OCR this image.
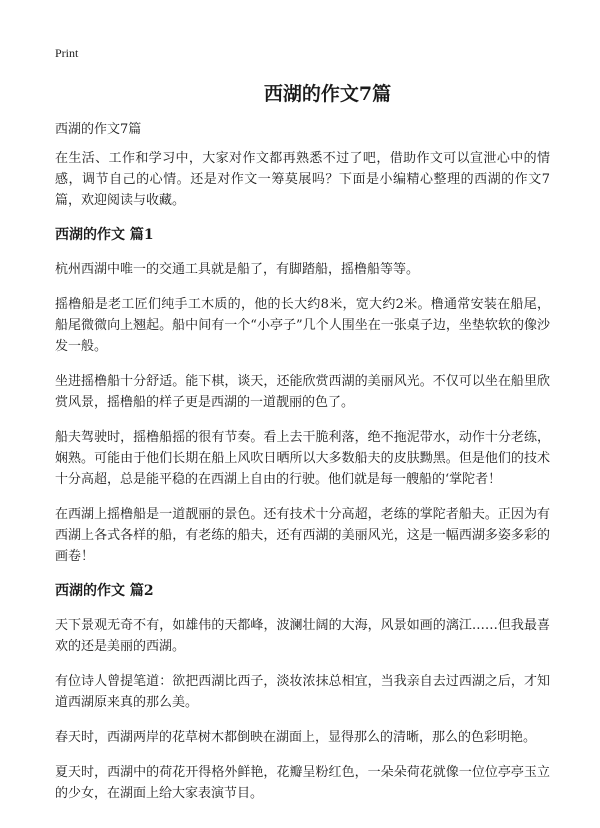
Print
西湖的作文7篇
西湖的作文7篇

在生活、工作和学习中，大家对作文都再熟悉不过了吧，借助作文可以宣泄心中的情感，调节自己的心情。还是对作文一筹莫展吗？下面是小编精心整理的西湖的作文7篇，欢迎阅读与收藏。

西湖的作文 篇1

杭州西湖中唯一的交通工具就是船了，有脚踏船，摇橹船等等。

摇橹船是老工匠们纯手工木质的，他的长大约8米，宽大约2米。橹通常安装在船尾，船尾微微向上翘起。船中间有一个“小亭子”几个人围坐在一张桌子边，坐垫软软的像沙发一般。

坐进摇橹船十分舒适。能下棋，谈天，还能欣赏西湖的美丽风光。不仅可以坐在船里欣赏风景，摇橹船的样子更是西湖的一道靓丽的色了。

船夫驾驶时，摇橹船摇的很有节奏。看上去干脆利落，绝不拖泥带水，动作十分老练，娴熟。可能由于他们长期在船上风吹日晒所以大多数船夫的皮肤黝黑。但是他们的技术十分高超，总是能平稳的在西湖上自由的行驶。他们就是每一艘船的‘掌陀者！

在西湖上摇橹船是一道靓丽的景色。还有技术十分高超，老练的掌陀者船夫。正因为有西湖上各式各样的船，有老练的船夫，还有西湖的美丽风光，这是一幅西湖多姿多彩的画卷！

西湖的作文 篇2

天下景观无奇不有，如雄伟的天都峰，波澜壮阔的大海，风景如画的漓江……但我最喜欢的还是美丽的西湖。

有位诗人曾提笔道：欲把西湖比西子，淡妆浓抹总相宜，当我亲自去过西湖之后，才知道西湖原来真的那么美。

春天时，西湖两岸的花草树木都倒映在湖面上，显得那么的清晰，那么的色彩明艳。

夏天时，西湖中的荷花开得格外鲜艳，花瓣呈粉红色，一朵朵荷花就像一位位亭亭玉立的少女，在湖面上给大家表演节目。
